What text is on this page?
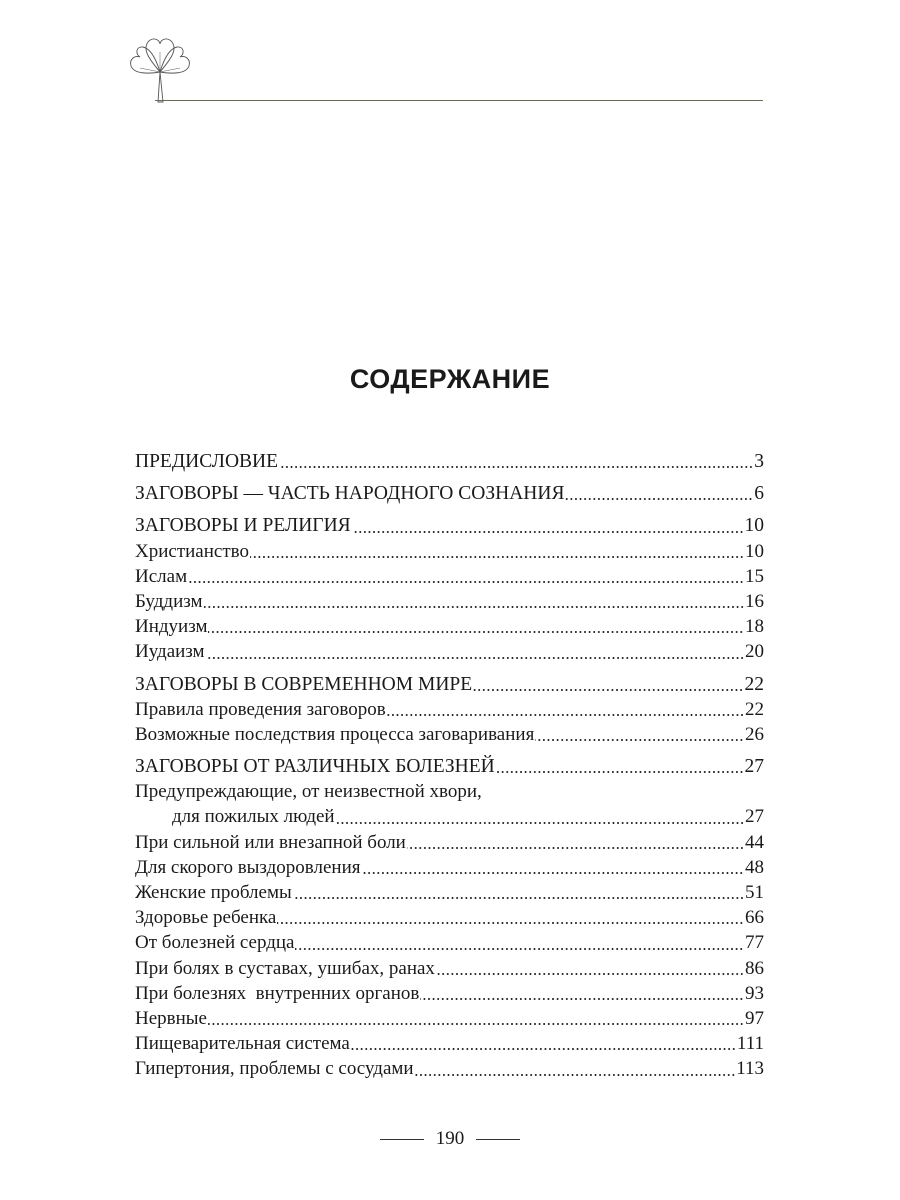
СОДЕРЖАНИЕ
ПРЕДИСЛОВИЕ	3
ЗАГОВОРЫ — ЧАСТЬ НАРОДНОГО СОЗНАНИЯ	6
ЗАГОВОРЫ И РЕЛИГИЯ	10
Христианство	10
Ислам	15
Буддизм	16
Индуизм	18
Иудаизм	20
ЗАГОВОРЫ В СОВРЕМЕННОМ МИРЕ	22
Правила проведения заговоров	22
Возможные последствия процесса заговаривания	26
ЗАГОВОРЫ ОТ РАЗЛИЧНЫХ БОЛЕЗНЕЙ	27
Предупреждающие, от неизвестной хвори,
для пожилых людей	27
При сильной или внезапной боли	44
Для скорого выздоровления	48
Женские проблемы	51
Здоровье ребенка	66
От болезней сердца	77
При болях в суставах, ушибах, ранах	86
При болезнях  внутренних органов	93
Нервные	97
Пищеварительная система	111
Гипертония, проблемы с сосудами	113
190
